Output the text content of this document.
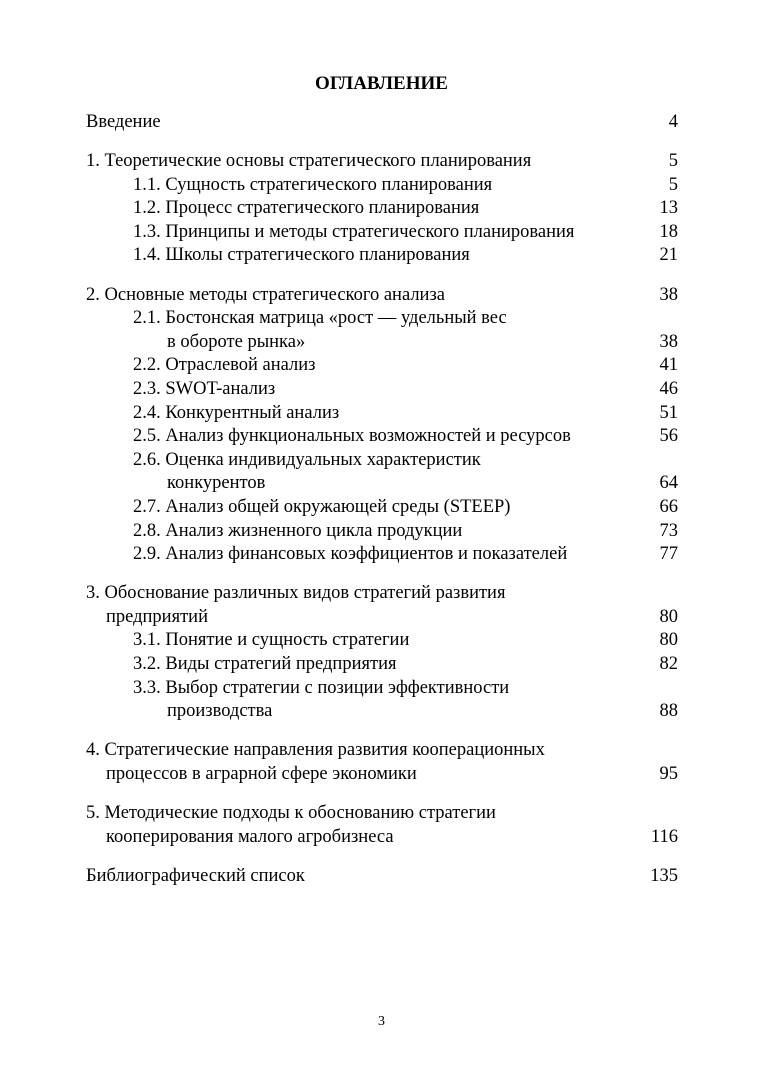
ОГЛАВЛЕНИЕ
Введение	4
1. Теоретические основы стратегического планирования	5
1.1. Сущность стратегического планирования	5
1.2. Процесс стратегического планирования	13
1.3. Принципы и методы стратегического планирования	18
1.4. Школы стратегического планирования	21
2. Основные методы стратегического анализа	38
2.1. Бостонская матрица «рост — удельный вес
в обороте рынка»	38
2.2. Отраслевой анализ	41
2.3. SWOT-анализ	46
2.4. Конкурентный анализ	51
2.5. Анализ функциональных возможностей и ресурсов	56
2.6. Оценка индивидуальных характеристик
конкурентов	64
2.7. Анализ общей окружающей среды (STEEP)	66
2.8. Анализ жизненного цикла продукции	73
2.9. Анализ финансовых коэффициентов и показателей	77
3. Обоснование различных видов стратегий развития
предприятий	80
3.1. Понятие и сущность стратегии	80
3.2. Виды стратегий предприятия	82
3.3. Выбор стратегии с позиции эффективности
производства	88
4. Стратегические направления развития кооперационных
процессов в аграрной сфере экономики	95
5. Методические подходы к обоснованию стратегии
кооперирования малого агробизнеса	116
Библиографический список	135
3
